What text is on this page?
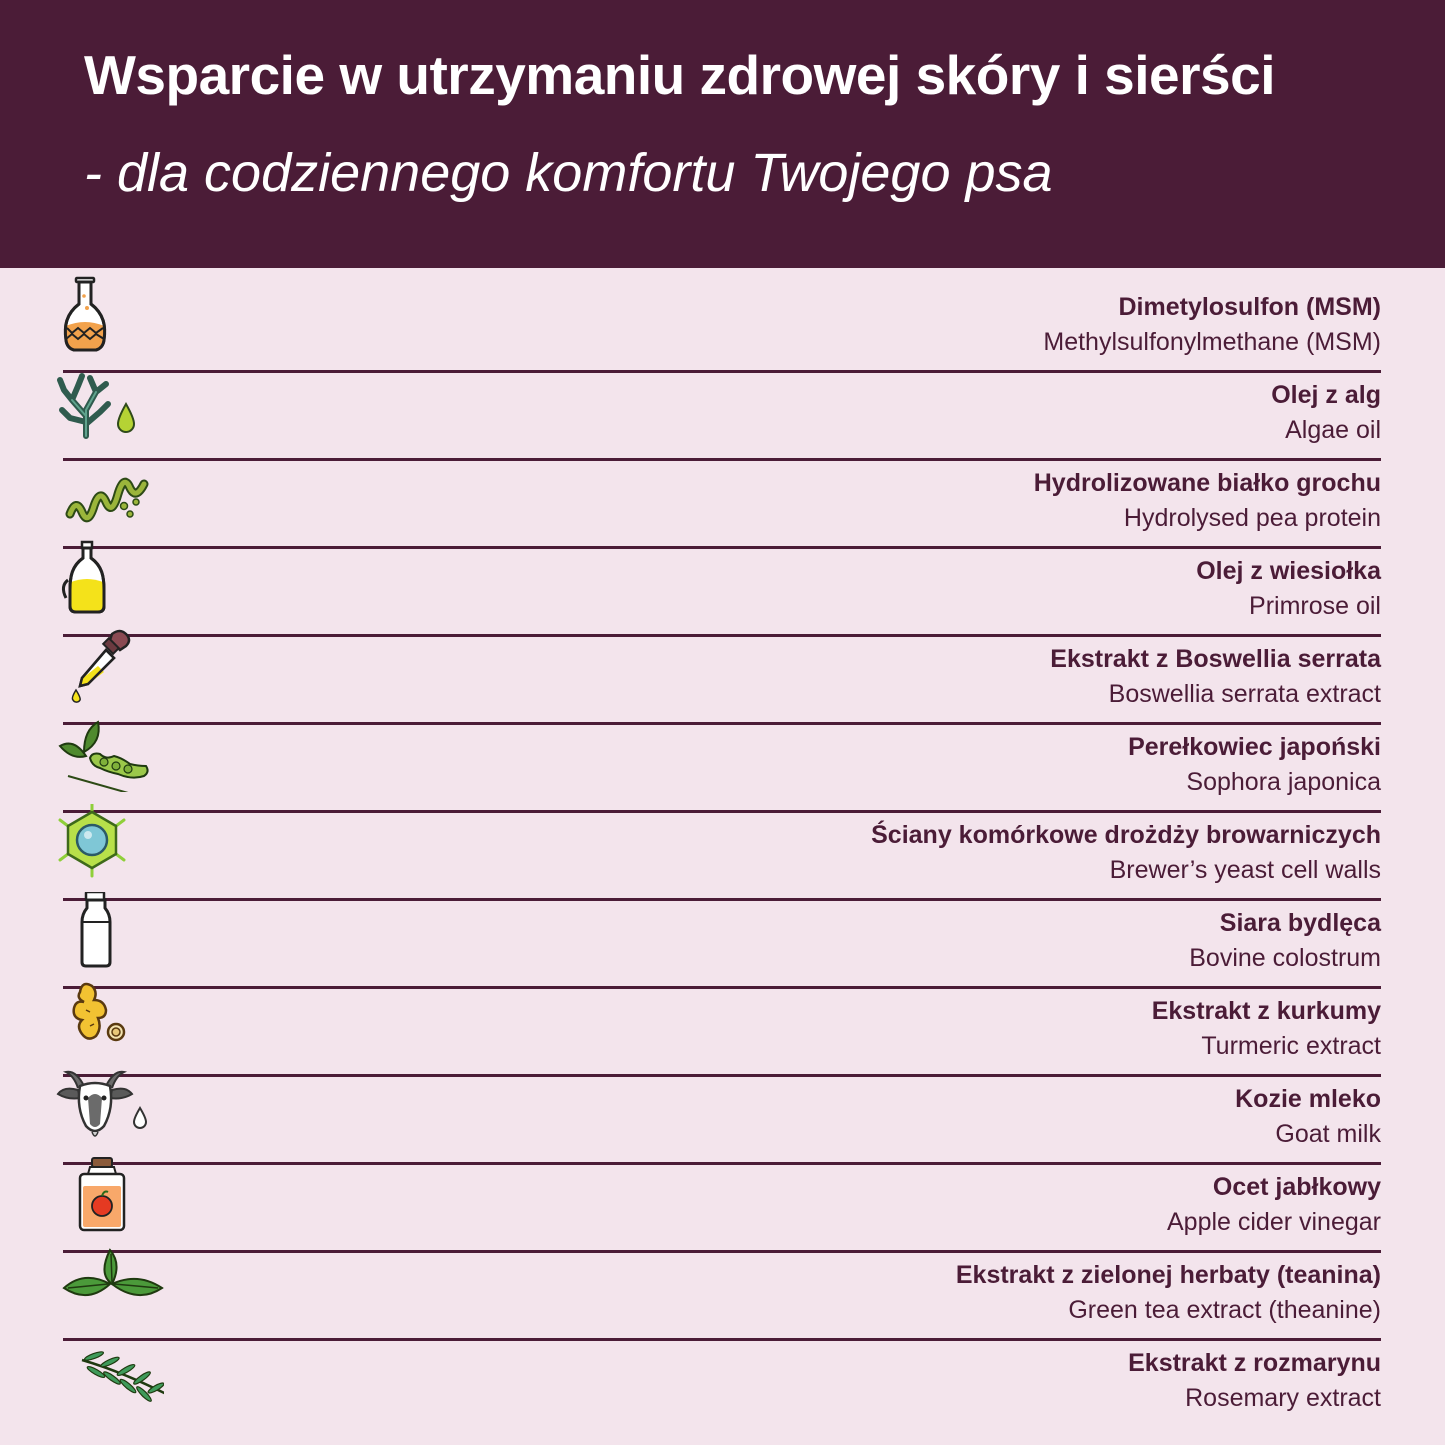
Wsparcie w utrzymaniu zdrowej skóry i sierści

- dla codziennego komfortu Twojego psa

Dimetylosulfon (MSM)
Methylsulfonylmethane (MSM)
Olej z alg
Algae oil
Hydrolizowane białko grochu
Hydrolysed pea protein
Olej z wiesiołka
Primrose oil
Ekstrakt z Boswellia serrata
Boswellia serrata extract
Perełkowiec japoński
Sophora japonica
Ściany komórkowe drożdży browarniczych
Brewer’s yeast cell walls
Siara bydlęca
Bovine colostrum
Ekstrakt z kurkumy
Turmeric extract
Kozie mleko
Goat milk
Ocet jabłkowy
Apple cider vinegar
Ekstrakt z zielonej herbaty (teanina)
Green tea extract (theanine)
Ekstrakt z rozmarynu
Rosemary extract
